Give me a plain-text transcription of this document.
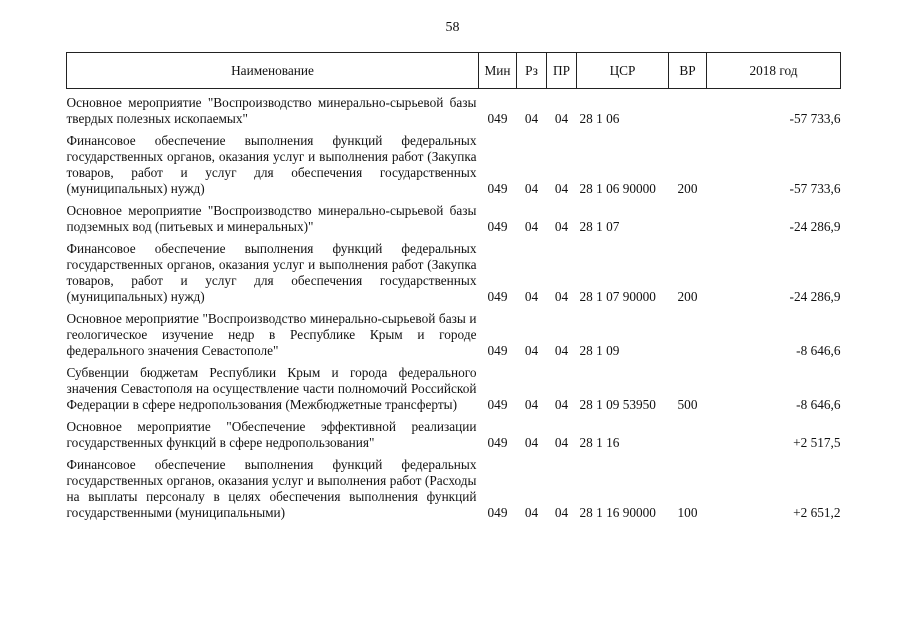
58
Наименование	Мин	Рз	ПР	ЦСР	ВР	2018 год
Основное мероприятие "Воспроизводство минерально-сырьевой базы твердых полезных ископаемых"	049	04	04	28 1 06		-57 733,6
Финансовое обеспечение выполнения функций федеральных государственных органов, оказания услуг и выполнения работ (Закупка товаров, работ и услуг для обеспечения государственных (муниципальных) нужд)	049	04	04	28 1 06 90000	200	-57 733,6
Основное мероприятие "Воспроизводство минерально-сырьевой базы подземных вод (питьевых и минеральных)"	049	04	04	28 1 07		-24 286,9
Финансовое обеспечение выполнения функций федеральных государственных органов, оказания услуг и выполнения работ (Закупка товаров, работ и услуг для обеспечения государственных (муниципальных) нужд)	049	04	04	28 1 07 90000	200	-24 286,9
Основное мероприятие "Воспроизводство минерально-сырьевой базы и геологическое изучение недр в Республике Крым и городе федерального значения Севастополе"	049	04	04	28 1 09		-8 646,6
Субвенции бюджетам Республики Крым и города федерального значения Севастополя на осуществление части полномочий Российской Федерации в сфере недропользования (Межбюджетные трансферты)	049	04	04	28 1 09 53950	500	-8 646,6
Основное мероприятие "Обеспечение эффективной реализации государственных функций в сфере недропользования"	049	04	04	28 1 16		+2 517,5
Финансовое обеспечение выполнения функций федеральных государственных органов, оказания услуг и выполнения работ (Расходы на выплаты персоналу в целях обеспечения выполнения функций государственными (муниципальными)	049	04	04	28 1 16 90000	100	+2 651,2
